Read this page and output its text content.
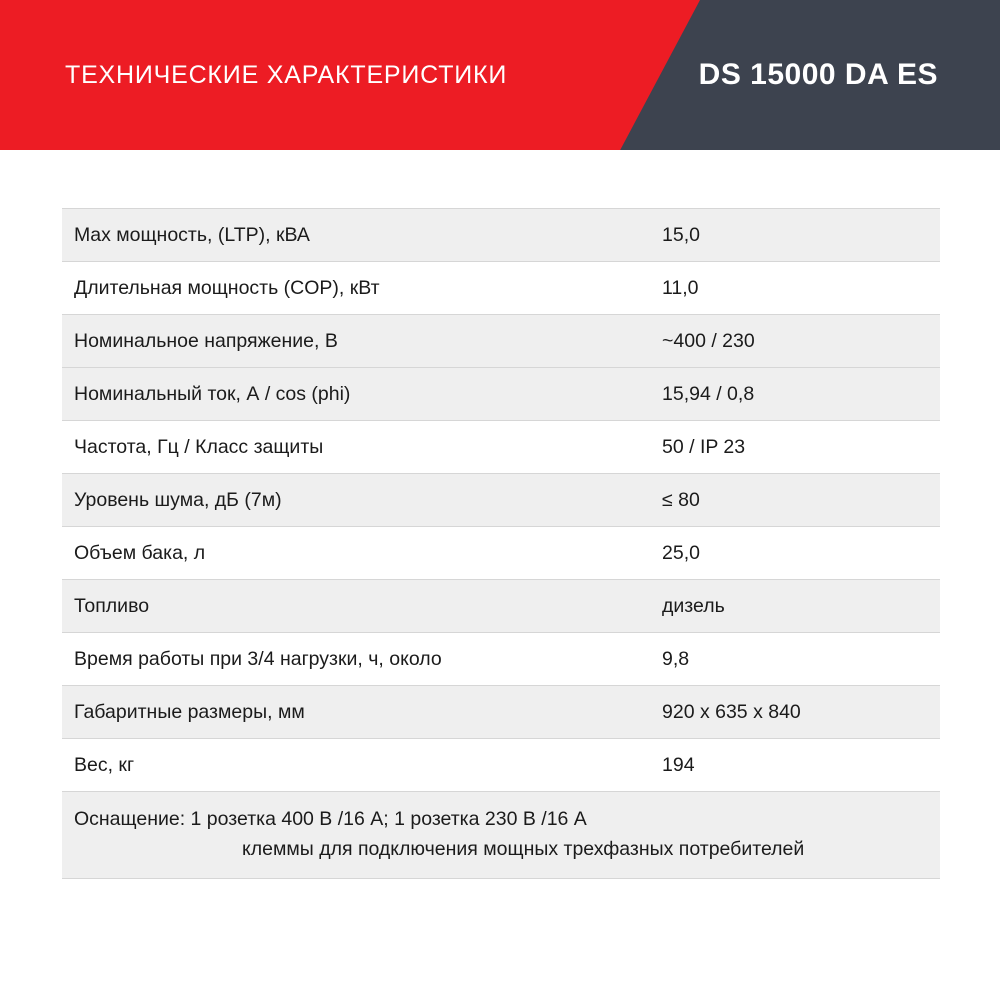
ТЕХНИЧЕСКИЕ ХАРАКТЕРИСТИКИ	DS 15000 DA ES
Max мощность, (LTP), кВА	15,0
Длительная мощность (COP), кВт	11,0
Номинальное напряжение, В	~400 / 230
Номинальный ток, А / cos (phi)	15,94 / 0,8
Частота, Гц / Класс защиты	50 / IP 23
Уровень шума, дБ (7м)	≤ 80
Объем бака, л	25,0
Топливо	дизель
Время работы при 3/4 нагрузки, ч, около	9,8
Габаритные размеры, мм	920 х 635 х 840
Вес, кг	194
Оснащение: 1 розетка 400 В /16 А; 1 розетка 230 В /16 А
клеммы для подключения мощных трехфазных потребителей
